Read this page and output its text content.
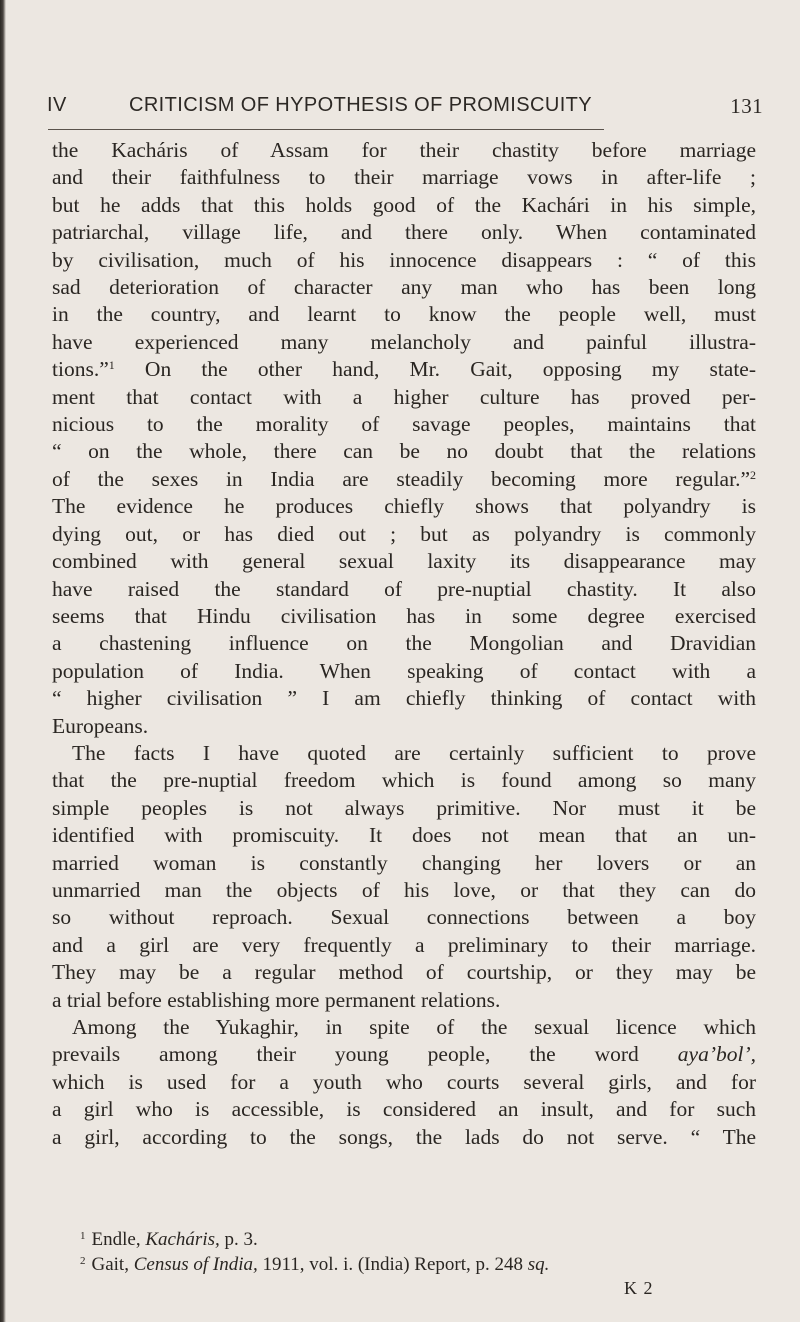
IV	CRITICISM OF HYPOTHESIS OF PROMISCUITY	131
the Kacháris of Assam for their chastity before marriage
and their faithfulness to their marriage vows in after-life ;
but he adds that this holds good of the Kachári in his simple,
patriarchal, village life, and there only. When contaminated
by civilisation, much of his innocence disappears : “ of this
sad deterioration of character any man who has been long
in the country, and learnt to know the people well, must
have experienced many melancholy and painful illustra-
tions.”$^1$ On the other hand, Mr. Gait, opposing my state-
ment that contact with a higher culture has proved per-
nicious to the morality of savage peoples, maintains that
“ on the whole, there can be no doubt that the relations
of the sexes in India are steadily becoming more regular.”$^2$
The evidence he produces chiefly shows that polyandry is
dying out, or has died out ; but as polyandry is commonly
combined with general sexual laxity its disappearance may
have raised the standard of pre-nuptial chastity. It also
seems that Hindu civilisation has in some degree exercised
a chastening influence on the Mongolian and Dravidian
population of India. When speaking of contact with a
“ higher civilisation ” I am chiefly thinking of contact with
Europeans.
The facts I have quoted are certainly sufficient to prove
that the pre-nuptial freedom which is found among so many
simple peoples is not always primitive. Nor must it be
identified with promiscuity. It does not mean that an un-
married woman is constantly changing her lovers or an
unmarried man the objects of his love, or that they can do
so without reproach. Sexual connections between a boy
and a girl are very frequently a preliminary to their marriage.
They may be a regular method of courtship, or they may be
a trial before establishing more permanent relations.
Among the Yukaghir, in spite of the sexual licence which
prevails among their young people, the word aya’bol’,
which is used for a youth who courts several girls, and for
a girl who is accessible, is considered an insult, and for such
a girl, according to the songs, the lads do not serve. “ The
$^1$ Endle, Kacháris, p. 3.
$^2$ Gait, Census of India, 1911, vol. i. (India) Report, p. 248 sq.
K 2
